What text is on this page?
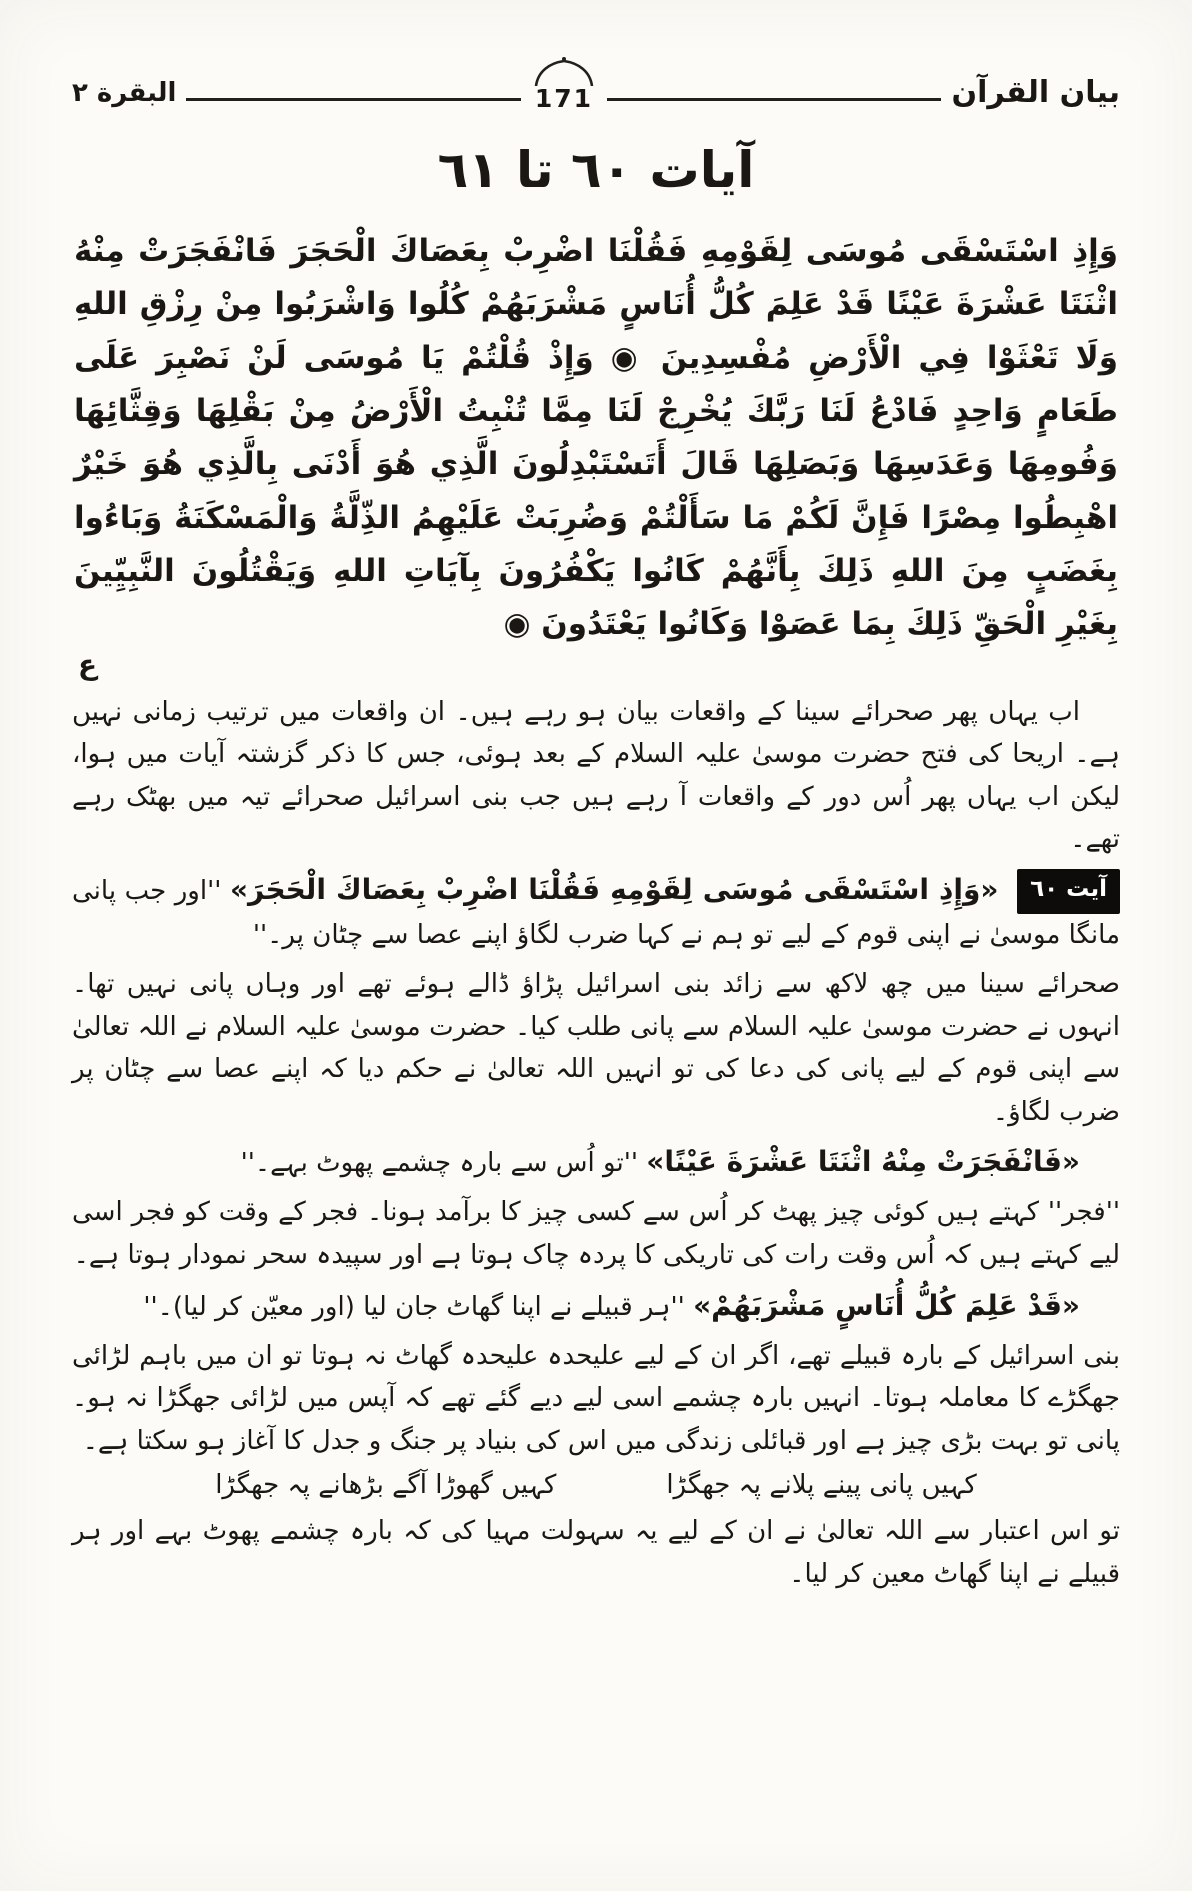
بیان القرآن
171
البقرة ٢
آیات ٦٠ تا ٦١

وَإِذِ اسْتَسْقَى مُوسَى لِقَوْمِهِ فَقُلْنَا اضْرِبْ بِعَصَاكَ الْحَجَرَ فَانْفَجَرَتْ مِنْهُ اثْنَتَا عَشْرَةَ عَيْنًا قَدْ عَلِمَ كُلُّ أُنَاسٍ مَشْرَبَهُمْ كُلُوا وَاشْرَبُوا مِنْ رِزْقِ اللهِ وَلَا تَعْثَوْا فِي الْأَرْضِ مُفْسِدِينَ ◉ وَإِذْ قُلْتُمْ يَا مُوسَى لَنْ نَصْبِرَ عَلَى طَعَامٍ وَاحِدٍ فَادْعُ لَنَا رَبَّكَ يُخْرِجْ لَنَا مِمَّا تُنْبِتُ الْأَرْضُ مِنْ بَقْلِهَا وَقِثَّائِهَا وَفُومِهَا وَعَدَسِهَا وَبَصَلِهَا قَالَ أَتَسْتَبْدِلُونَ الَّذِي هُوَ أَدْنَى بِالَّذِي هُوَ خَيْرٌ اهْبِطُوا مِصْرًا فَإِنَّ لَكُمْ مَا سَأَلْتُمْ وَضُرِبَتْ عَلَيْهِمُ الذِّلَّةُ وَالْمَسْكَنَةُ وَبَاءُوا بِغَضَبٍ مِنَ اللهِ ذَلِكَ بِأَنَّهُمْ كَانُوا يَكْفُرُونَ بِآيَاتِ اللهِ وَيَقْتُلُونَ النَّبِيِّينَ بِغَيْرِ الْحَقِّ ذَلِكَ بِمَا عَصَوْا وَكَانُوا يَعْتَدُونَ ◉

ع

اب یہاں پھر صحرائے سینا کے واقعات بیان ہو رہے ہیں۔ ان واقعات میں ترتیب زمانی نہیں ہے۔ اریحا کی فتح حضرت موسیٰ علیہ السلام کے بعد ہوئی، جس کا ذکر گزشتہ آیات میں ہوا، لیکن اب یہاں پھر اُس دور کے واقعات آ رہے ہیں جب بنی اسرائیل صحرائے تیہ میں بھٹک رہے تھے۔

آیت ٦٠ «وَإِذِ اسْتَسْقَى مُوسَى لِقَوْمِهِ فَقُلْنَا اضْرِبْ بِعَصَاكَ الْحَجَرَ» ''اور جب پانی مانگا موسیٰ نے اپنی قوم کے لیے تو ہم نے کہا ضرب لگاؤ اپنے عصا سے چٹان پر۔''

صحرائے سینا میں چھ لاکھ سے زائد بنی اسرائیل پڑاؤ ڈالے ہوئے تھے اور وہاں پانی نہیں تھا۔ انہوں نے حضرت موسیٰ علیہ السلام سے پانی طلب کیا۔ حضرت موسیٰ علیہ السلام نے اللہ تعالیٰ سے اپنی قوم کے لیے پانی کی دعا کی تو انہیں اللہ تعالیٰ نے حکم دیا کہ اپنے عصا سے چٹان پر ضرب لگاؤ۔

«فَانْفَجَرَتْ مِنْهُ اثْنَتَا عَشْرَةَ عَيْنًا» ''تو اُس سے بارہ چشمے پھوٹ بہے۔''

''فجر'' کہتے ہیں کوئی چیز پھٹ کر اُس سے کسی چیز کا برآمد ہونا۔ فجر کے وقت کو فجر اسی لیے کہتے ہیں کہ اُس وقت رات کی تاریکی کا پردہ چاک ہوتا ہے اور سپیدہ سحر نمودار ہوتا ہے۔

«قَدْ عَلِمَ كُلُّ أُنَاسٍ مَشْرَبَهُمْ» ''ہر قبیلے نے اپنا گھاٹ جان لیا (اور معیّن کر لیا)۔''

بنی اسرائیل کے بارہ قبیلے تھے، اگر ان کے لیے علیحدہ علیحدہ گھاٹ نہ ہوتا تو ان میں باہم لڑائی جھگڑے کا معاملہ ہوتا۔ انہیں بارہ چشمے اسی لیے دیے گئے تھے کہ آپس میں لڑائی جھگڑا نہ ہو۔ پانی تو بہت بڑی چیز ہے اور قبائلی زندگی میں اس کی بنیاد پر جنگ و جدل کا آغاز ہو سکتا ہے۔

کہیں پانی پینے پلانے پہ جھگڑا
کہیں گھوڑا آگے بڑھانے پہ جھگڑا

تو اس اعتبار سے اللہ تعالیٰ نے ان کے لیے یہ سہولت مہیا کی کہ بارہ چشمے پھوٹ بہے اور ہر قبیلے نے اپنا گھاٹ معین کر لیا۔
